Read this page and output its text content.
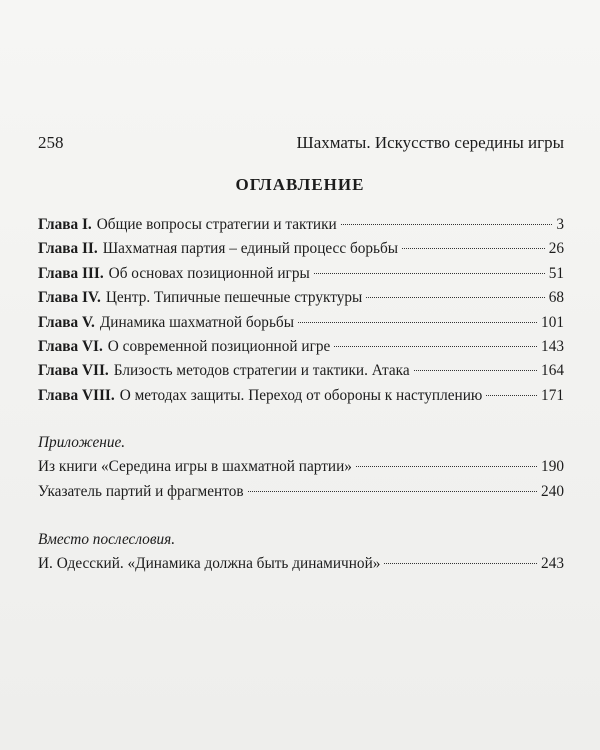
258	Шахматы. Искусство середины игры
ОГЛАВЛЕНИЕ
Глава I. Общие вопросы стратегии и тактики	3
Глава II. Шахматная партия – единый процесс борьбы	26
Глава III. Об основах позиционной игры	51
Глава IV. Центр. Типичные пешечные структуры	68
Глава V. Динамика шахматной борьбы	101
Глава VI. О современной позиционной игре	143
Глава VII. Близость методов стратегии и тактики. Атака	164
Глава VIII. О методах защиты. Переход от обороны к наступлению	171
Приложение.
Из книги «Середина игры в шахматной партии»	190
Указатель партий и фрагментов	240
Вместо послесловия.
И. Одесский. «Динамика должна быть динамичной»	243
